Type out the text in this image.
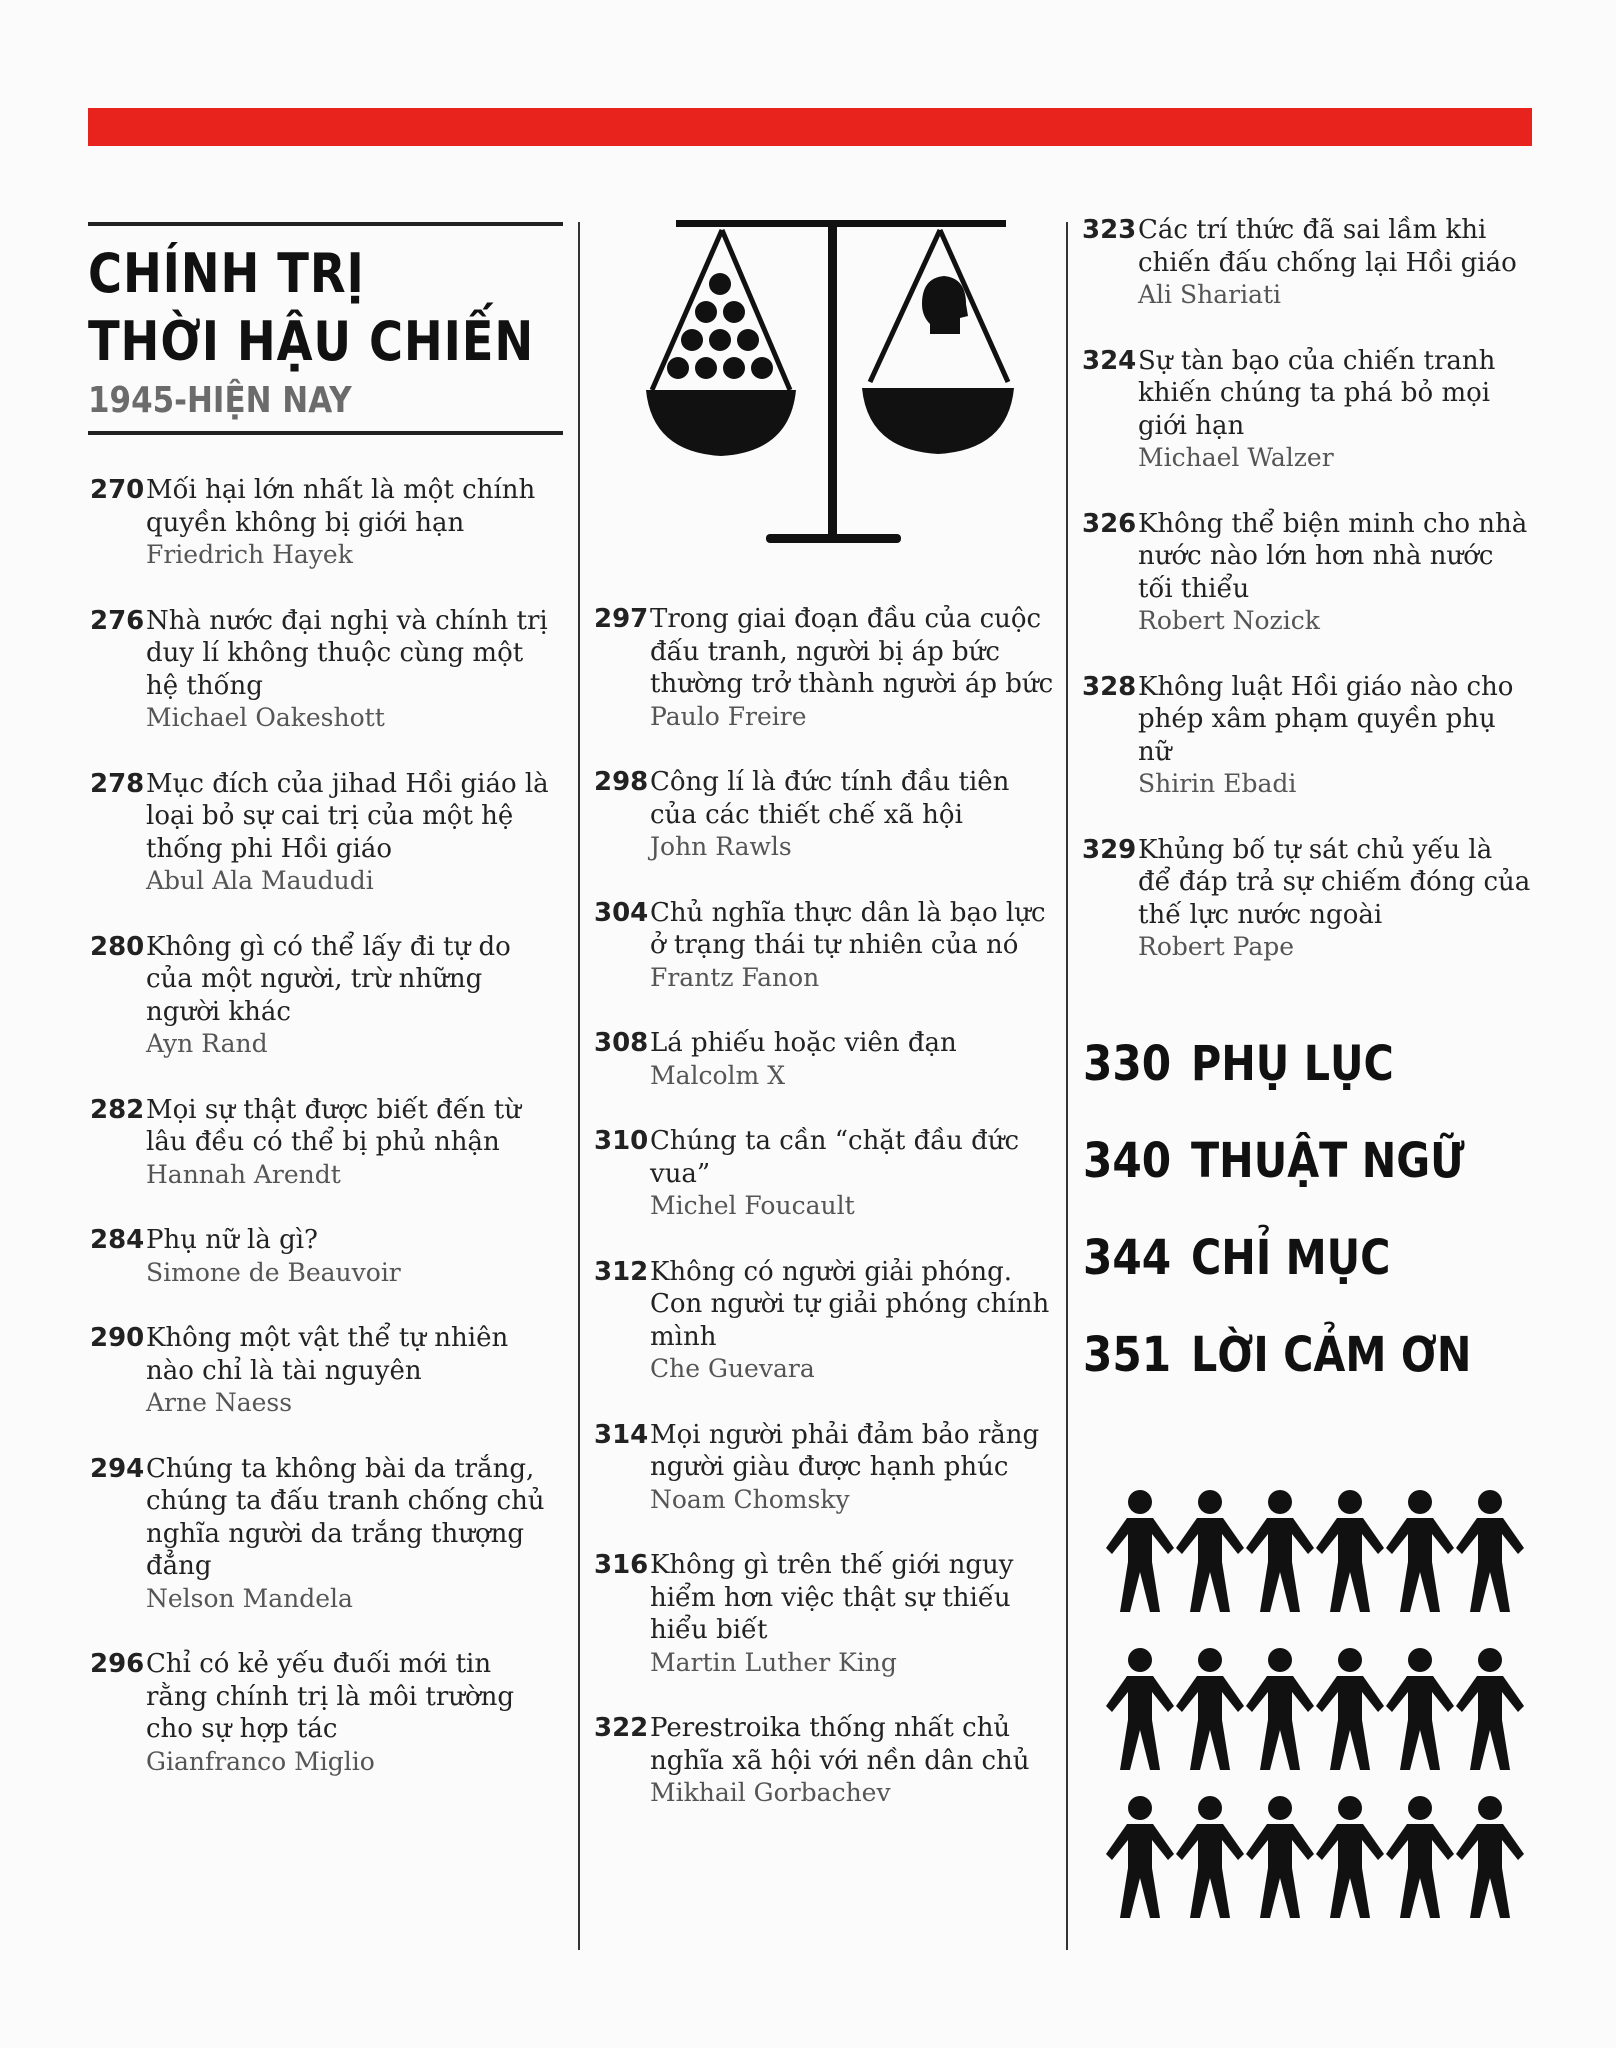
CHÍNH TRỊ
THỜI HẬU CHIẾN
1945-HIỆN NAY
270 Mối hại lớn nhất là một chính quyền không bị giới hạn
Friedrich Hayek
276 Nhà nước đại nghị và chính trị duy lí không thuộc cùng một hệ thống
Michael Oakeshott
278 Mục đích của jihad Hồi giáo là loại bỏ sự cai trị của một hệ thống phi Hồi giáo
Abul Ala Maududi
280 Không gì có thể lấy đi tự do của một người, trừ những người khác
Ayn Rand
282 Mọi sự thật được biết đến từ lâu đều có thể bị phủ nhận
Hannah Arendt
284 Phụ nữ là gì?
Simone de Beauvoir
290 Không một vật thể tự nhiên nào chỉ là tài nguyên
Arne Naess
294 Chúng ta không bài da trắng, chúng ta đấu tranh chống chủ nghĩa người da trắng thượng đẳng
Nelson Mandela
296 Chỉ có kẻ yếu đuối mới tin rằng chính trị là môi trường cho sự hợp tác
Gianfranco Miglio
297 Trong giai đoạn đầu của cuộc đấu tranh, người bị áp bức thường trở thành người áp bức
Paulo Freire
298 Công lí là đức tính đầu tiên của các thiết chế xã hội
John Rawls
304 Chủ nghĩa thực dân là bạo lực ở trạng thái tự nhiên của nó
Frantz Fanon
308 Lá phiếu hoặc viên đạn
Malcolm X
310 Chúng ta cần “chặt đầu đức vua”
Michel Foucault
312 Không có người giải phóng. Con người tự giải phóng chính mình
Che Guevara
314 Mọi người phải đảm bảo rằng người giàu được hạnh phúc
Noam Chomsky
316 Không gì trên thế giới nguy hiểm hơn việc thật sự thiếu hiểu biết
Martin Luther King
322 Perestroika thống nhất chủ nghĩa xã hội với nền dân chủ
Mikhail Gorbachev
323 Các trí thức đã sai lầm khi chiến đấu chống lại Hồi giáo
Ali Shariati
324 Sự tàn bạo của chiến tranh khiến chúng ta phá bỏ mọi giới hạn
Michael Walzer
326 Không thể biện minh cho nhà nước nào lớn hơn nhà nước tối thiểu
Robert Nozick
328 Không luật Hồi giáo nào cho phép xâm phạm quyền phụ nữ
Shirin Ebadi
329 Khủng bố tự sát chủ yếu là để đáp trả sự chiếm đóng của thế lực nước ngoài
Robert Pape
330 PHỤ LỤC
340 THUẬT NGỮ
344 CHỈ MỤC
351 LỜI CẢM ƠN
